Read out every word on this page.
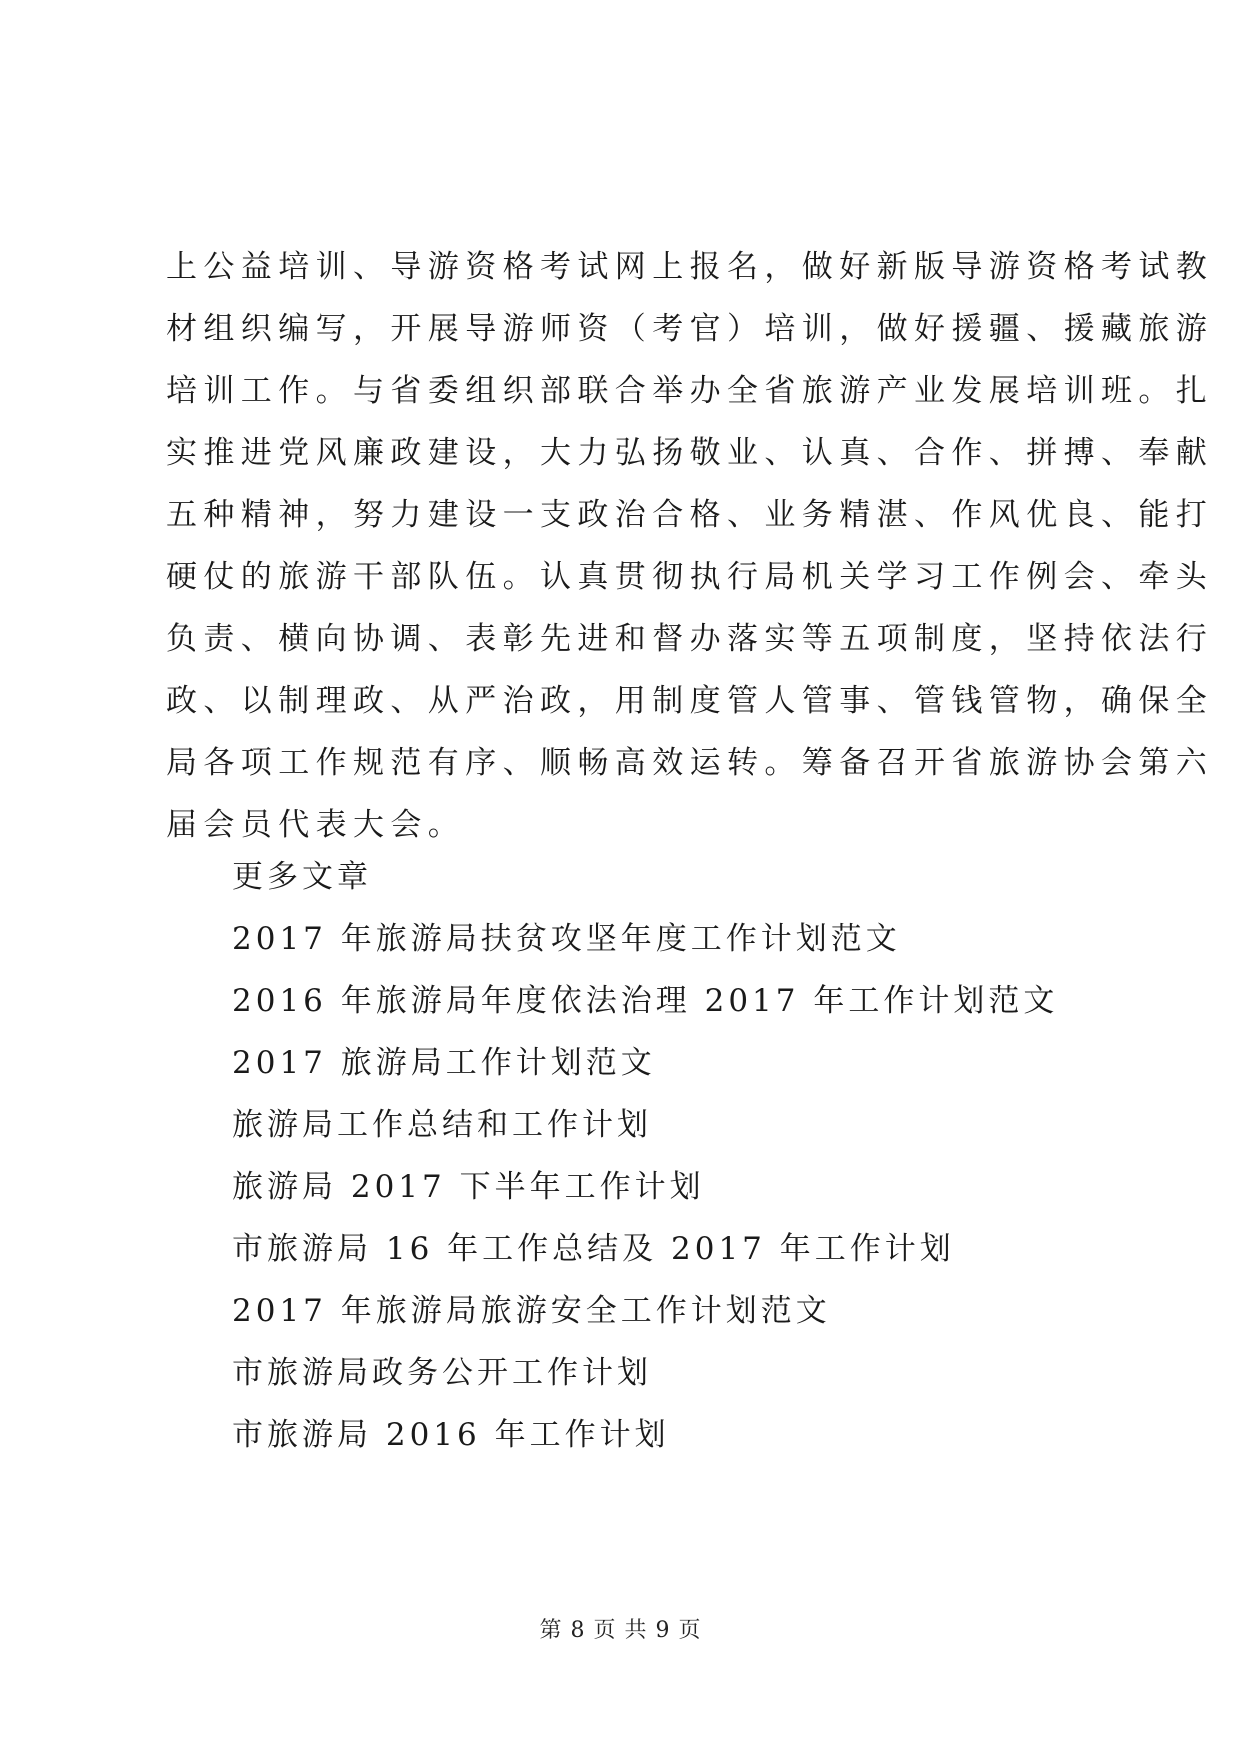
上公益培训、导游资格考试网上报名，做好新版导游资格考试教
材组织编写，开展导游师资（考官）培训，做好援疆、援藏旅游
培训工作。与省委组织部联合举办全省旅游产业发展培训班。扎
实推进党风廉政建设，大力弘扬敬业、认真、合作、拼搏、奉献
五种精神，努力建设一支政治合格、业务精湛、作风优良、能打
硬仗的旅游干部队伍。认真贯彻执行局机关学习工作例会、牵头
负责、横向协调、表彰先进和督办落实等五项制度，坚持依法行
政、以制理政、从严治政，用制度管人管事、管钱管物，确保全
局各项工作规范有序、顺畅高效运转。筹备召开省旅游协会第六
届会员代表大会。
更多文章
2017 年旅游局扶贫攻坚年度工作计划范文
2016 年旅游局年度依法治理 2017 年工作计划范文
2017 旅游局工作计划范文
旅游局工作总结和工作计划
旅游局 2017 下半年工作计划
市旅游局 16 年工作总结及 2017 年工作计划
2017 年旅游局旅游安全工作计划范文
市旅游局政务公开工作计划
市旅游局 2016 年工作计划
第 8 页 共 9 页
